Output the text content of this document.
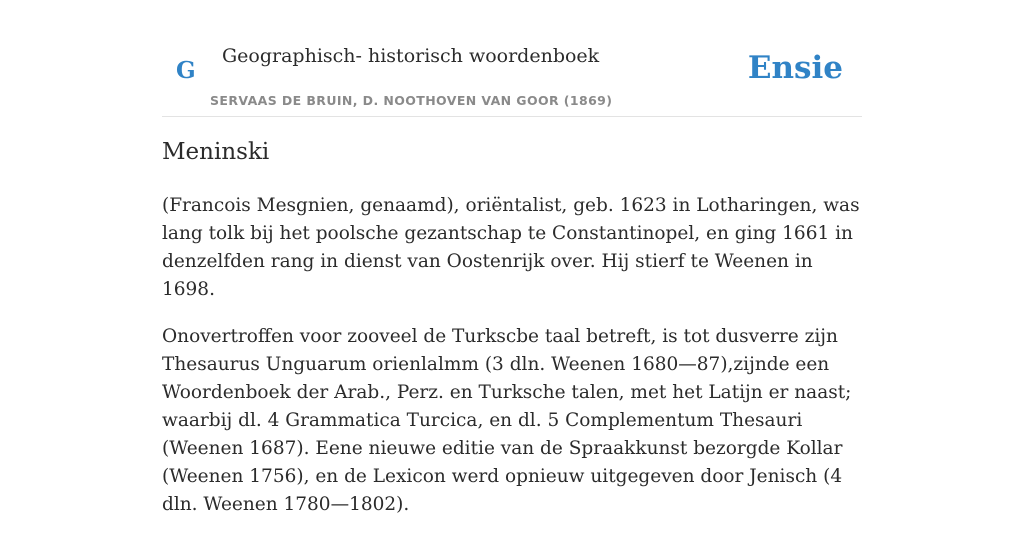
G
Geographisch- historisch woordenboek
SERVAAS DE BRUIN, D. NOOTHOVEN VAN GOOR (1869)
Ensie
Meninski

(Francois Mesgnien, genaamd), oriëntalist, geb. 1623 in Lotharingen, was lang tolk bij het poolsche gezantschap te Constantinopel, en ging 1661 in denzelfden rang in dienst van Oostenrijk over. Hij stierf te Weenen in 1698.

Onovertroffen voor zooveel de Turkscbe taal betreft, is tot dusverre zijn Thesaurus Unguarum orienlalmm (3 dln. Weenen 1680—87),zijnde een Woordenboek der Arab., Perz. en Turksche talen, met het Latijn er naast; waarbij dl. 4 Grammatica Turcica, en dl. 5 Complementum Thesauri (Weenen 1687). Eene nieuwe editie van de Spraakkunst bezorgde Kollar (Weenen 1756), en de Lexicon werd opnieuw uitgegeven door Jenisch (4 dln. Weenen 1780—1802).
